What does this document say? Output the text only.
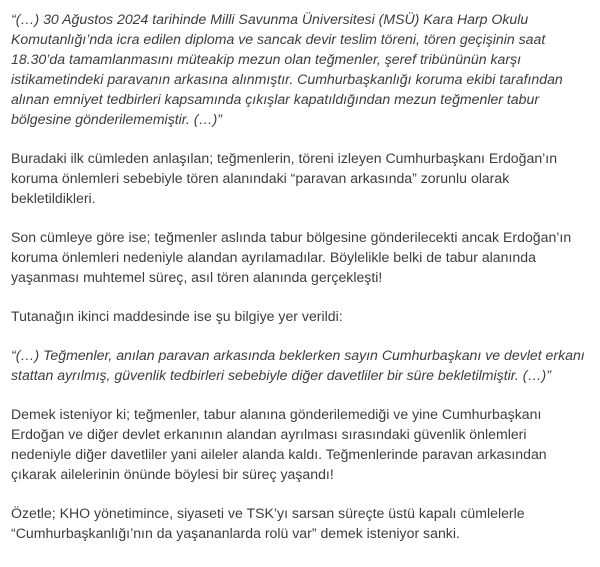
“(…) 30 Ağustos 2024 tarihinde Milli Savunma Üniversitesi (MSÜ) Kara Harp Okulu Komutanlığı’nda icra edilen diploma ve sancak devir teslim töreni, tören geçişinin saat 18.30’da tamamlanmasını müteakip mezun olan teğmenler, şeref tribününün karşı istikametindeki paravanın arkasına alınmıştır. Cumhurbaşkanlığı koruma ekibi tarafından alınan emniyet tedbirleri kapsamında çıkışlar kapatıldığından mezun teğmenler tabur bölgesine gönderilememiştir. (…)”

Buradaki ilk cümleden anlaşılan; teğmenlerin, töreni izleyen Cumhurbaşkanı Erdoğan’ın koruma önlemleri sebebiyle tören alanındaki “paravan arkasında” zorunlu olarak bekletildikleri.

Son cümleye göre ise; teğmenler aslında tabur bölgesine gönderilecekti ancak Erdoğan’ın koruma önlemleri nedeniyle alandan ayrılamadılar. Böylelikle belki de tabur alanında yaşanması muhtemel süreç, asıl tören alanında gerçekleşti!

Tutanağın ikinci maddesinde ise şu bilgiye yer verildi:

“(…) Teğmenler, anılan paravan arkasında beklerken sayın Cumhurbaşkanı ve devlet erkanı stattan ayrılmış, güvenlik tedbirleri sebebiyle diğer davetliler bir süre bekletilmiştir. (…)”

Demek isteniyor ki; teğmenler, tabur alanına gönderilemediği ve yine Cumhurbaşkanı Erdoğan ve diğer devlet erkanının alandan ayrılması sırasındaki güvenlik önlemleri nedeniyle diğer davetliler yani aileler alanda kaldı. Teğmenlerinde paravan arkasından çıkarak ailelerinin önünde böylesi bir süreç yaşandı!

Özetle; KHO yönetimince, siyaseti ve TSK’yı sarsan süreçte üstü kapalı cümlelerle “Cumhurbaşkanlığı’nın da yaşananlarda rolü var” demek isteniyor sanki.
